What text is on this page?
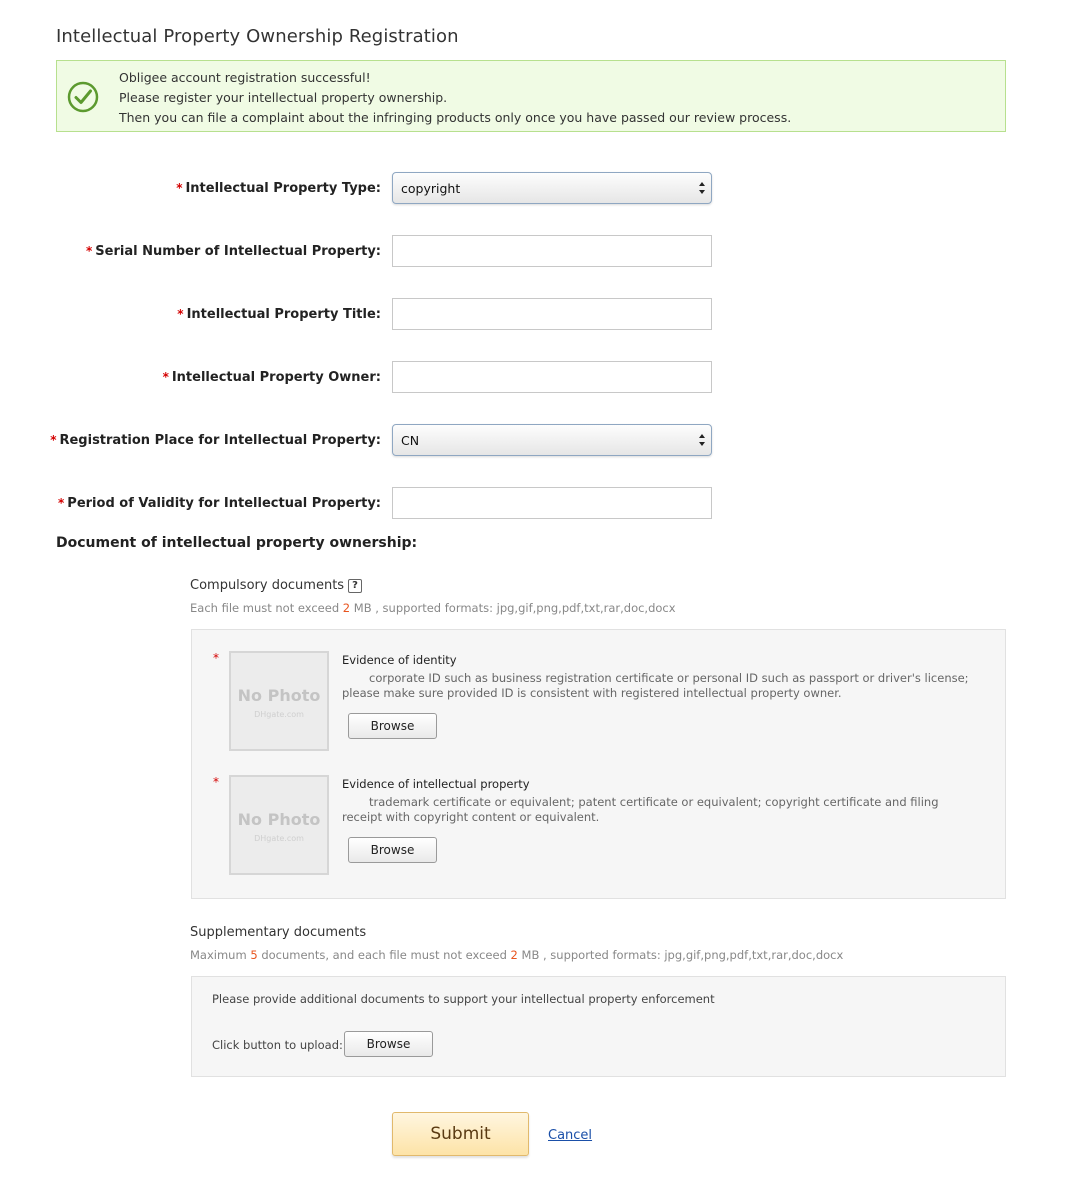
Intellectual Property Ownership Registration
Obligee account registration successful!
Please register your intellectual property ownership.
Then you can file a complaint about the infringing products only once you have passed our review process.
* Intellectual Property Type: copyright
* Serial Number of Intellectual Property:
* Intellectual Property Title:
* Intellectual Property Owner:
* Registration Place for Intellectual Property: CN
* Period of Validity for Intellectual Property:
Document of intellectual property ownership:
Compulsory documents ?
Each file must not exceed 2 MB , supported formats: jpg,gif,png,pdf,txt,rar,doc,docx
*
No Photo
DHgate.com
Evidence of identity
corporate ID such as business registration certificate or personal ID such as passport or driver's license; please make sure provided ID is consistent with registered intellectual property owner.
Browse
*
No Photo
DHgate.com
Evidence of intellectual property
trademark certificate or equivalent; patent certificate or equivalent; copyright certificate and filing receipt with copyright content or equivalent.
Browse
Supplementary documents
Maximum 5 documents, and each file must not exceed 2 MB , supported formats: jpg,gif,png,pdf,txt,rar,doc,docx
Please provide additional documents to support your intellectual property enforcement
Click button to upload:	Browse
Submit	Cancel
